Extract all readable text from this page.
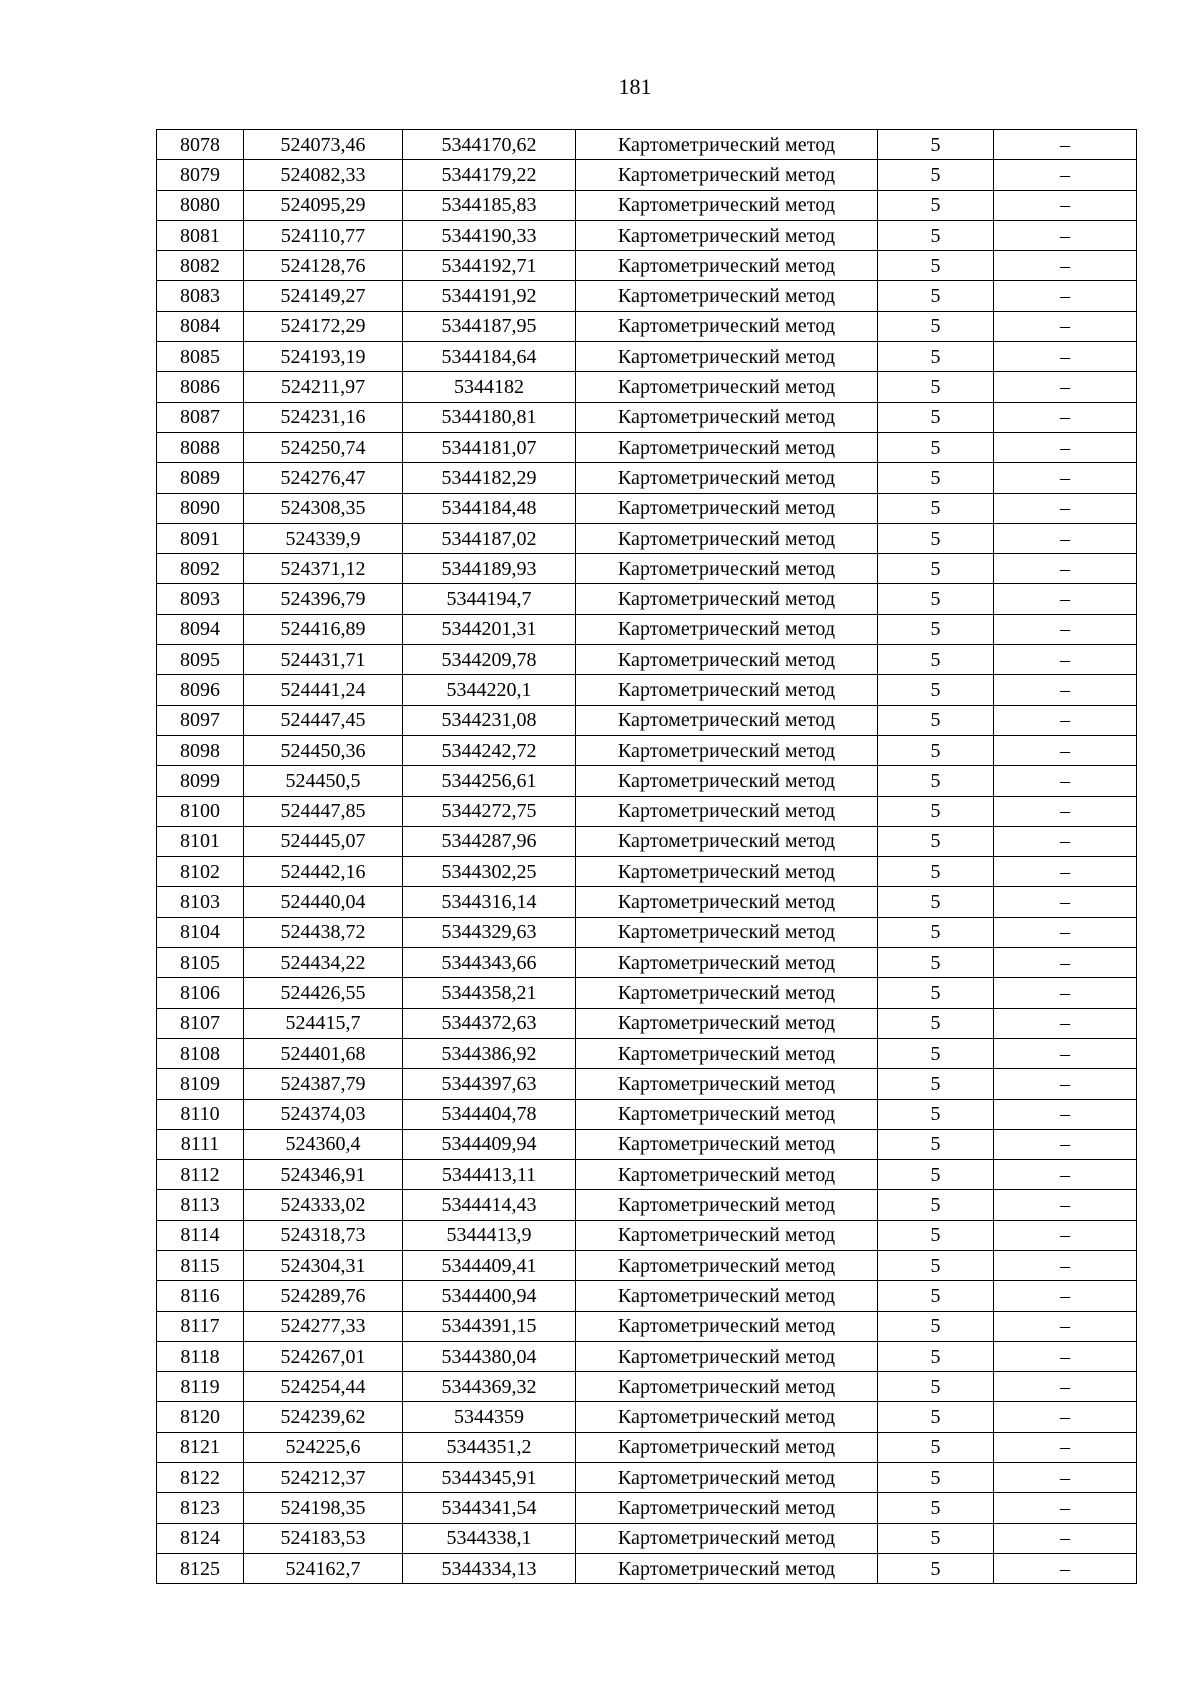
181
8078	524073,46	5344170,62	Картометрический метод	5	–
8079	524082,33	5344179,22	Картометрический метод	5	–
8080	524095,29	5344185,83	Картометрический метод	5	–
8081	524110,77	5344190,33	Картометрический метод	5	–
8082	524128,76	5344192,71	Картометрический метод	5	–
8083	524149,27	5344191,92	Картометрический метод	5	–
8084	524172,29	5344187,95	Картометрический метод	5	–
8085	524193,19	5344184,64	Картометрический метод	5	–
8086	524211,97	5344182	Картометрический метод	5	–
8087	524231,16	5344180,81	Картометрический метод	5	–
8088	524250,74	5344181,07	Картометрический метод	5	–
8089	524276,47	5344182,29	Картометрический метод	5	–
8090	524308,35	5344184,48	Картометрический метод	5	–
8091	524339,9	5344187,02	Картометрический метод	5	–
8092	524371,12	5344189,93	Картометрический метод	5	–
8093	524396,79	5344194,7	Картометрический метод	5	–
8094	524416,89	5344201,31	Картометрический метод	5	–
8095	524431,71	5344209,78	Картометрический метод	5	–
8096	524441,24	5344220,1	Картометрический метод	5	–
8097	524447,45	5344231,08	Картометрический метод	5	–
8098	524450,36	5344242,72	Картометрический метод	5	–
8099	524450,5	5344256,61	Картометрический метод	5	–
8100	524447,85	5344272,75	Картометрический метод	5	–
8101	524445,07	5344287,96	Картометрический метод	5	–
8102	524442,16	5344302,25	Картометрический метод	5	–
8103	524440,04	5344316,14	Картометрический метод	5	–
8104	524438,72	5344329,63	Картометрический метод	5	–
8105	524434,22	5344343,66	Картометрический метод	5	–
8106	524426,55	5344358,21	Картометрический метод	5	–
8107	524415,7	5344372,63	Картометрический метод	5	–
8108	524401,68	5344386,92	Картометрический метод	5	–
8109	524387,79	5344397,63	Картометрический метод	5	–
8110	524374,03	5344404,78	Картометрический метод	5	–
8111	524360,4	5344409,94	Картометрический метод	5	–
8112	524346,91	5344413,11	Картометрический метод	5	–
8113	524333,02	5344414,43	Картометрический метод	5	–
8114	524318,73	5344413,9	Картометрический метод	5	–
8115	524304,31	5344409,41	Картометрический метод	5	–
8116	524289,76	5344400,94	Картометрический метод	5	–
8117	524277,33	5344391,15	Картометрический метод	5	–
8118	524267,01	5344380,04	Картометрический метод	5	–
8119	524254,44	5344369,32	Картометрический метод	5	–
8120	524239,62	5344359	Картометрический метод	5	–
8121	524225,6	5344351,2	Картометрический метод	5	–
8122	524212,37	5344345,91	Картометрический метод	5	–
8123	524198,35	5344341,54	Картометрический метод	5	–
8124	524183,53	5344338,1	Картометрический метод	5	–
8125	524162,7	5344334,13	Картометрический метод	5	–
